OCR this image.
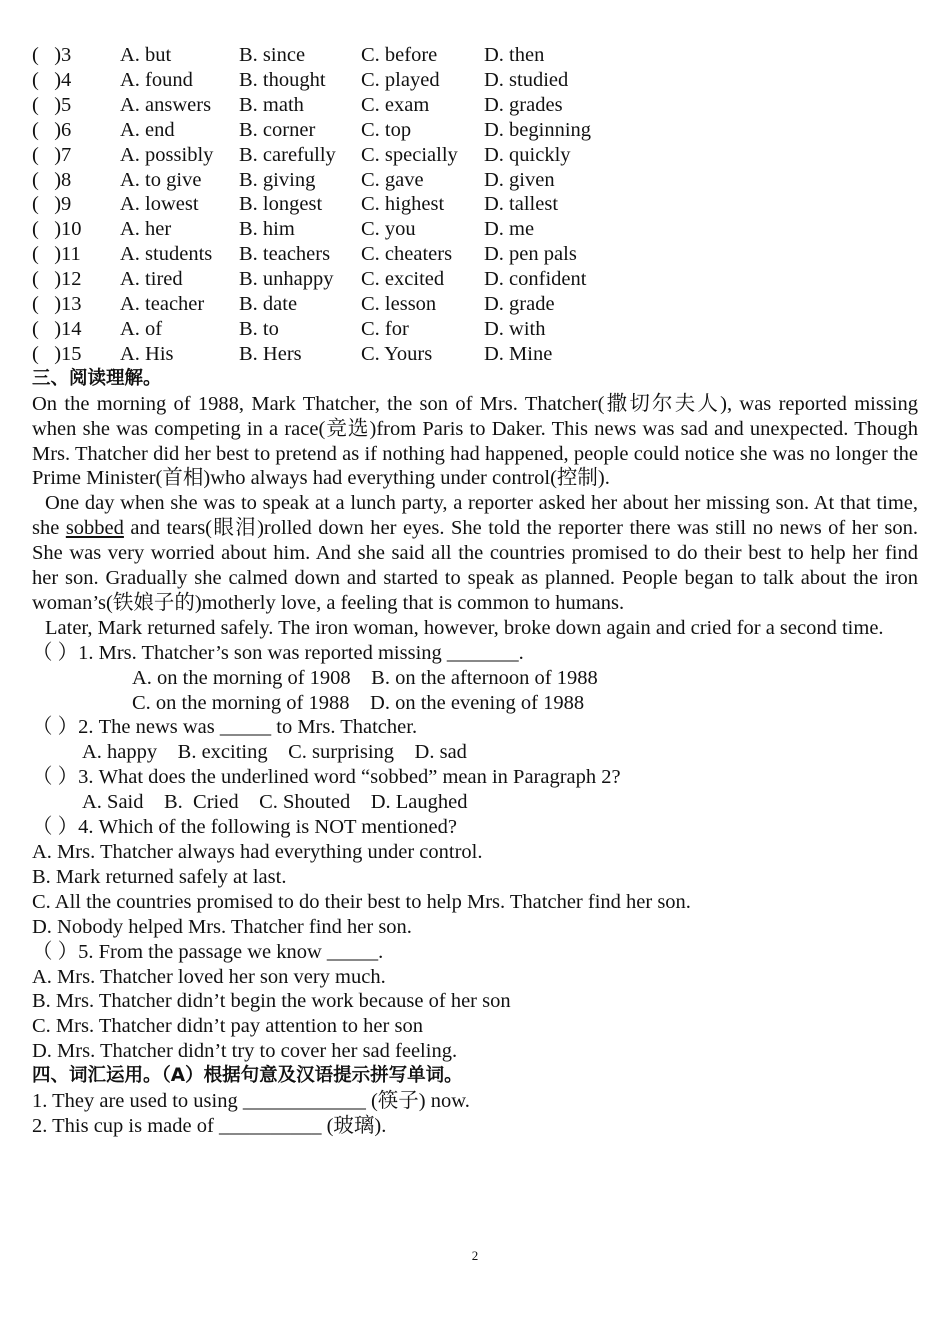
(   )3	A. but	B. since	C. before	D. then
(   )4	A. found	B. thought	C. played	D. studied
(   )5	A. answers	B. math	C. exam	D. grades
(   )6	A. end	B. corner	C. top	D. beginning
(   )7	A. possibly	B. carefully	C. specially	D. quickly
(   )8	A. to give	B. giving	C. gave	D. given
(   )9	A. lowest	B. longest	C. highest	D. tallest
(   )10	A. her	B. him	C. you	D. me
(   )11	A. students	B. teachers	C. cheaters	D. pen pals
(   )12	A. tired	B. unhappy	C. excited	D. confident
(   )13	A. teacher	B. date	C. lesson	D. grade
(   )14	A. of	B. to	C. for	D. with
(   )15	A. His	B. Hers	C. Yours	D. Mine

三、阅读理解。

On the morning of 1988, Mark Thatcher, the son of Mrs. Thatcher(撒切尔夫人), was reported missing when she was competing in a race(竞选)from Paris to Daker. This news was sad and unexpected. Though Mrs. Thatcher did her best to pretend as if nothing had happened, people could notice she was no longer the Prime Minister(首相)who always had everything under control(控制).

One day when she was to speak at a lunch party, a reporter asked her about her missing son. At that time, she sobbed and tears(眼泪)rolled down her eyes. She told the reporter there was still no news of her son. She was very worried about him. And she said all the countries promised to do their best to help her find her son. Gradually she calmed down and started to speak as planned. People began to talk about the iron woman’s(铁娘子的)motherly love, a feeling that is common to humans.

Later, Mark returned safely. The iron woman, however, broke down again and cried for a second time.

（ ）1. Mrs. Thatcher’s son was reported missing _______.

A. on the morning of 1908    B. on the afternoon of 1988

C. on the morning of 1988    D. on the evening of 1988

（ ）2. The news was _____ to Mrs. Thatcher.

A. happy    B. exciting    C. surprising    D. sad

（ ）3. What does the underlined word “sobbed” mean in Paragraph 2?

A. Said    B.  Cried    C. Shouted    D. Laughed

（ ）4. Which of the following is NOT mentioned?

A. Mrs. Thatcher always had everything under control.

B. Mark returned safely at last.

C. All the countries promised to do their best to help Mrs. Thatcher find her son.

D. Nobody helped Mrs. Thatcher find her son.

（ ）5. From the passage we know _____.

A. Mrs. Thatcher loved her son very much.

B. Mrs. Thatcher didn’t begin the work because of her son

C. Mrs. Thatcher didn’t pay attention to her son

D. Mrs. Thatcher didn’t try to cover her sad feeling.

四、词汇运用。（A）根据句意及汉语提示拼写单词。

1. They are used to using ____________ (筷子) now.

2. This cup is made of __________ (玻璃).

2
